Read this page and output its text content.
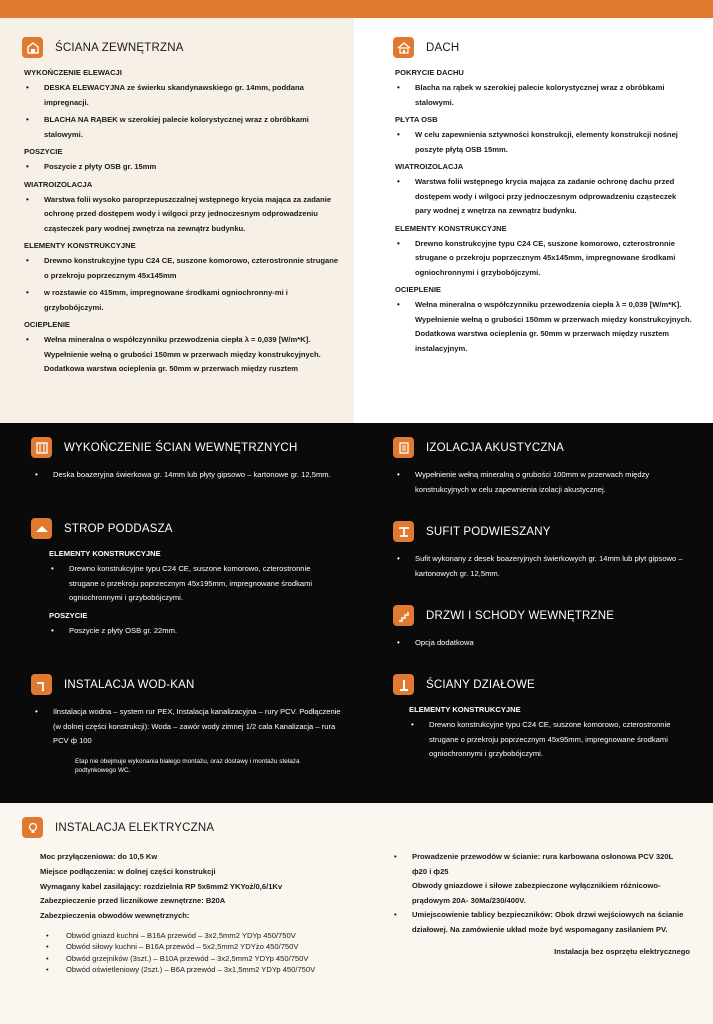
ŚCIANA ZEWNĘTRZNA
WYKOŃCZENIE ELEWACJI
• DESKA ELEWACYJNA ze świerku skandynawskiego gr. 14mm, poddana impregnacji.
• BLACHA NA RĄBEK w szerokiej palecie kolorystycznej wraz z obróbkami stalowymi.
POSZYCIE
• Poszycie z płyty OSB gr. 15mm
WIATROIZOLACJA
• Warstwa folii wysoko paroprzepuszczalnej wstępnego krycia mająca za zadanie ochronę przed dostępem wody i wilgoci przy jednoczesnym odprowadzeniu cząsteczek pary wodnej zwnętrza na zewnątrz budynku.
ELEMENTY KONSTRUKCYJNE
• Drewno konstrukcyjne typu C24 CE, suszone komorowo, czterostronnie strugane o przekroju poprzecznym 45x145mm
• w rozstawie co 415mm, impregnowane środkami ogniochronny-mi i grzybobójczymi.
OCIEPLENIE
• Wełna mineralna o współczynniku przewodzenia ciepła λ = 0,039 [W/m*K]. Wypełnienie wełną o grubości 150mm w przerwach między konstrukcyjnych. Dodatkowa warstwa ocieplenia gr. 50mm w przerwach między rusztem
DACH
POKRYCIE DACHU
• Blacha na rąbek w szerokiej palecie kolorystycznej wraz z obróbkami stalowymi.
PŁYTA OSB
• W celu zapewnienia sztywności konstrukcji, elementy konstrukcji nośnej poszyte płytą OSB 15mm.
WIATROIZOLACJA
• Warstwa folii wstępnego krycia mająca za zadanie ochronę dachu przed dostępem wody i wilgoci przy jednoczesnym odprowadzeniu cząsteczek pary wodnej z wnętrza na zewnątrz budynku.
ELEMENTY KONSTRUKCYJNE
• Drewno konstrukcyjne typu C24 CE, suszone komorowo, czterostronnie strugane o przekroju poprzecznym 45x145mm, impregnowane środkami ogniochronnymi i grzybobójczymi.
OCIEPLENIE
• Wełna mineralna o współczynniku przewodzenia ciepła λ = 0,039 [W/m*K]. Wypełnienie wełną o grubości 150mm w przerwach między konstrukcyjnych. Dodatkowa warstwa ocieplenia gr. 50mm w przerwach między rusztem instalacyjnym.
WYKOŃCZENIE ŚCIAN WEWNĘTRZNYCH
• Deska boazeryjna świerkowa gr. 14mm lub płyty gipsowo – kartonowe gr. 12,5mm.
STROP PODDASZA
ELEMENTY KONSTRUKCYJNE
• Drewno konstrukcyjne typu C24 CE, suszone komorowo, czterostronnie strugane o przekroju poprzecznym 45x195mm, impregnowane środkami ogniochronnymi i grzybobójczymi.
POSZYCIE
• Poszycie z płyty OSB gr. 22mm.
INSTALACJA WOD-KAN
• Ilnstalacja wodna – system rur PEX, Instalacja kanalizacyjna – rury PCV. Podłączenie (w dolnej części konstrukcji): Woda – zawór wody zimnej 1/2 cala Kanalizacja – rura PCV ф 100
Etap nie obejmuje wykonania białego montażu, oraz dostawy i montażu stelaża podtynkowego WC.
IZOLACJA AKUSTYCZNA
• Wypełnienie wełną mineralną o grubości 100mm w przerwach między konstrukcyjnych w celu zapewnienia izolacji akustycznej.
SUFIT PODWIESZANY
• Sufit wykonany z desek boazeryjnych świerkowych gr. 14mm lub płyt gipsowo – kartonowych gr. 12,5mm.
DRZWI I SCHODY WEWNĘTRZNE
• Opcja dodatkowa
ŚCIANY DZIAŁOWE
ELEMENTY KONSTRUKCYJNE
• Drewno konstrukcyjne typu C24 CE, suszone komorowo, czterostronnie strugane o przekroju poprzecznym 45x95mm, impregnowane środkami ogniochronnymi i grzybobójczymi.
INSTALACJA ELEKTRYCZNA
Moc przyłączeniowa: do 10,5 Kw
Miejsce podłączenia: w dolnej części konstrukcji
Wymagany kabel zasilający: rozdzielnia RP 5x6mm2 YKYoż/0,6/1Kv
Zabezpieczenie przed licznikowe zewnętrzne: B20A
Zabezpieczenia obwodów wewnętrznych:
• Obwód gniazd kuchni – B16A przewód – 3x2,5mm2 YDYp 450/750V
• Obwód siłowy kuchni – B16A przewód – 5x2,5mm2 YDYżo 450/750V
• Obwód grzejników (3szt.) – B10A przewód – 3x2,5mm2 YDYp 450/750V
• Obwód oświetleniowy (2szt.) – B6A przewód – 3x1,5mm2 YDYp 450/750V
• Prowadzenie przewodów w ścianie: rura karbowana osłonowa PCV 320L ф20 i ф25
Obwody gniazdowe i siłowe zabezpieczone wyłącznikiem różnicowo-prądowym 20A- 30Ma/230/400V.
• Umiejscowienie tablicy bezpieczników: Obok drzwi wejściowych na ścianie działowej. Na zamówienie układ może być wspomagany zasilaniem PV.
Instalacja bez osprzętu elektrycznego
